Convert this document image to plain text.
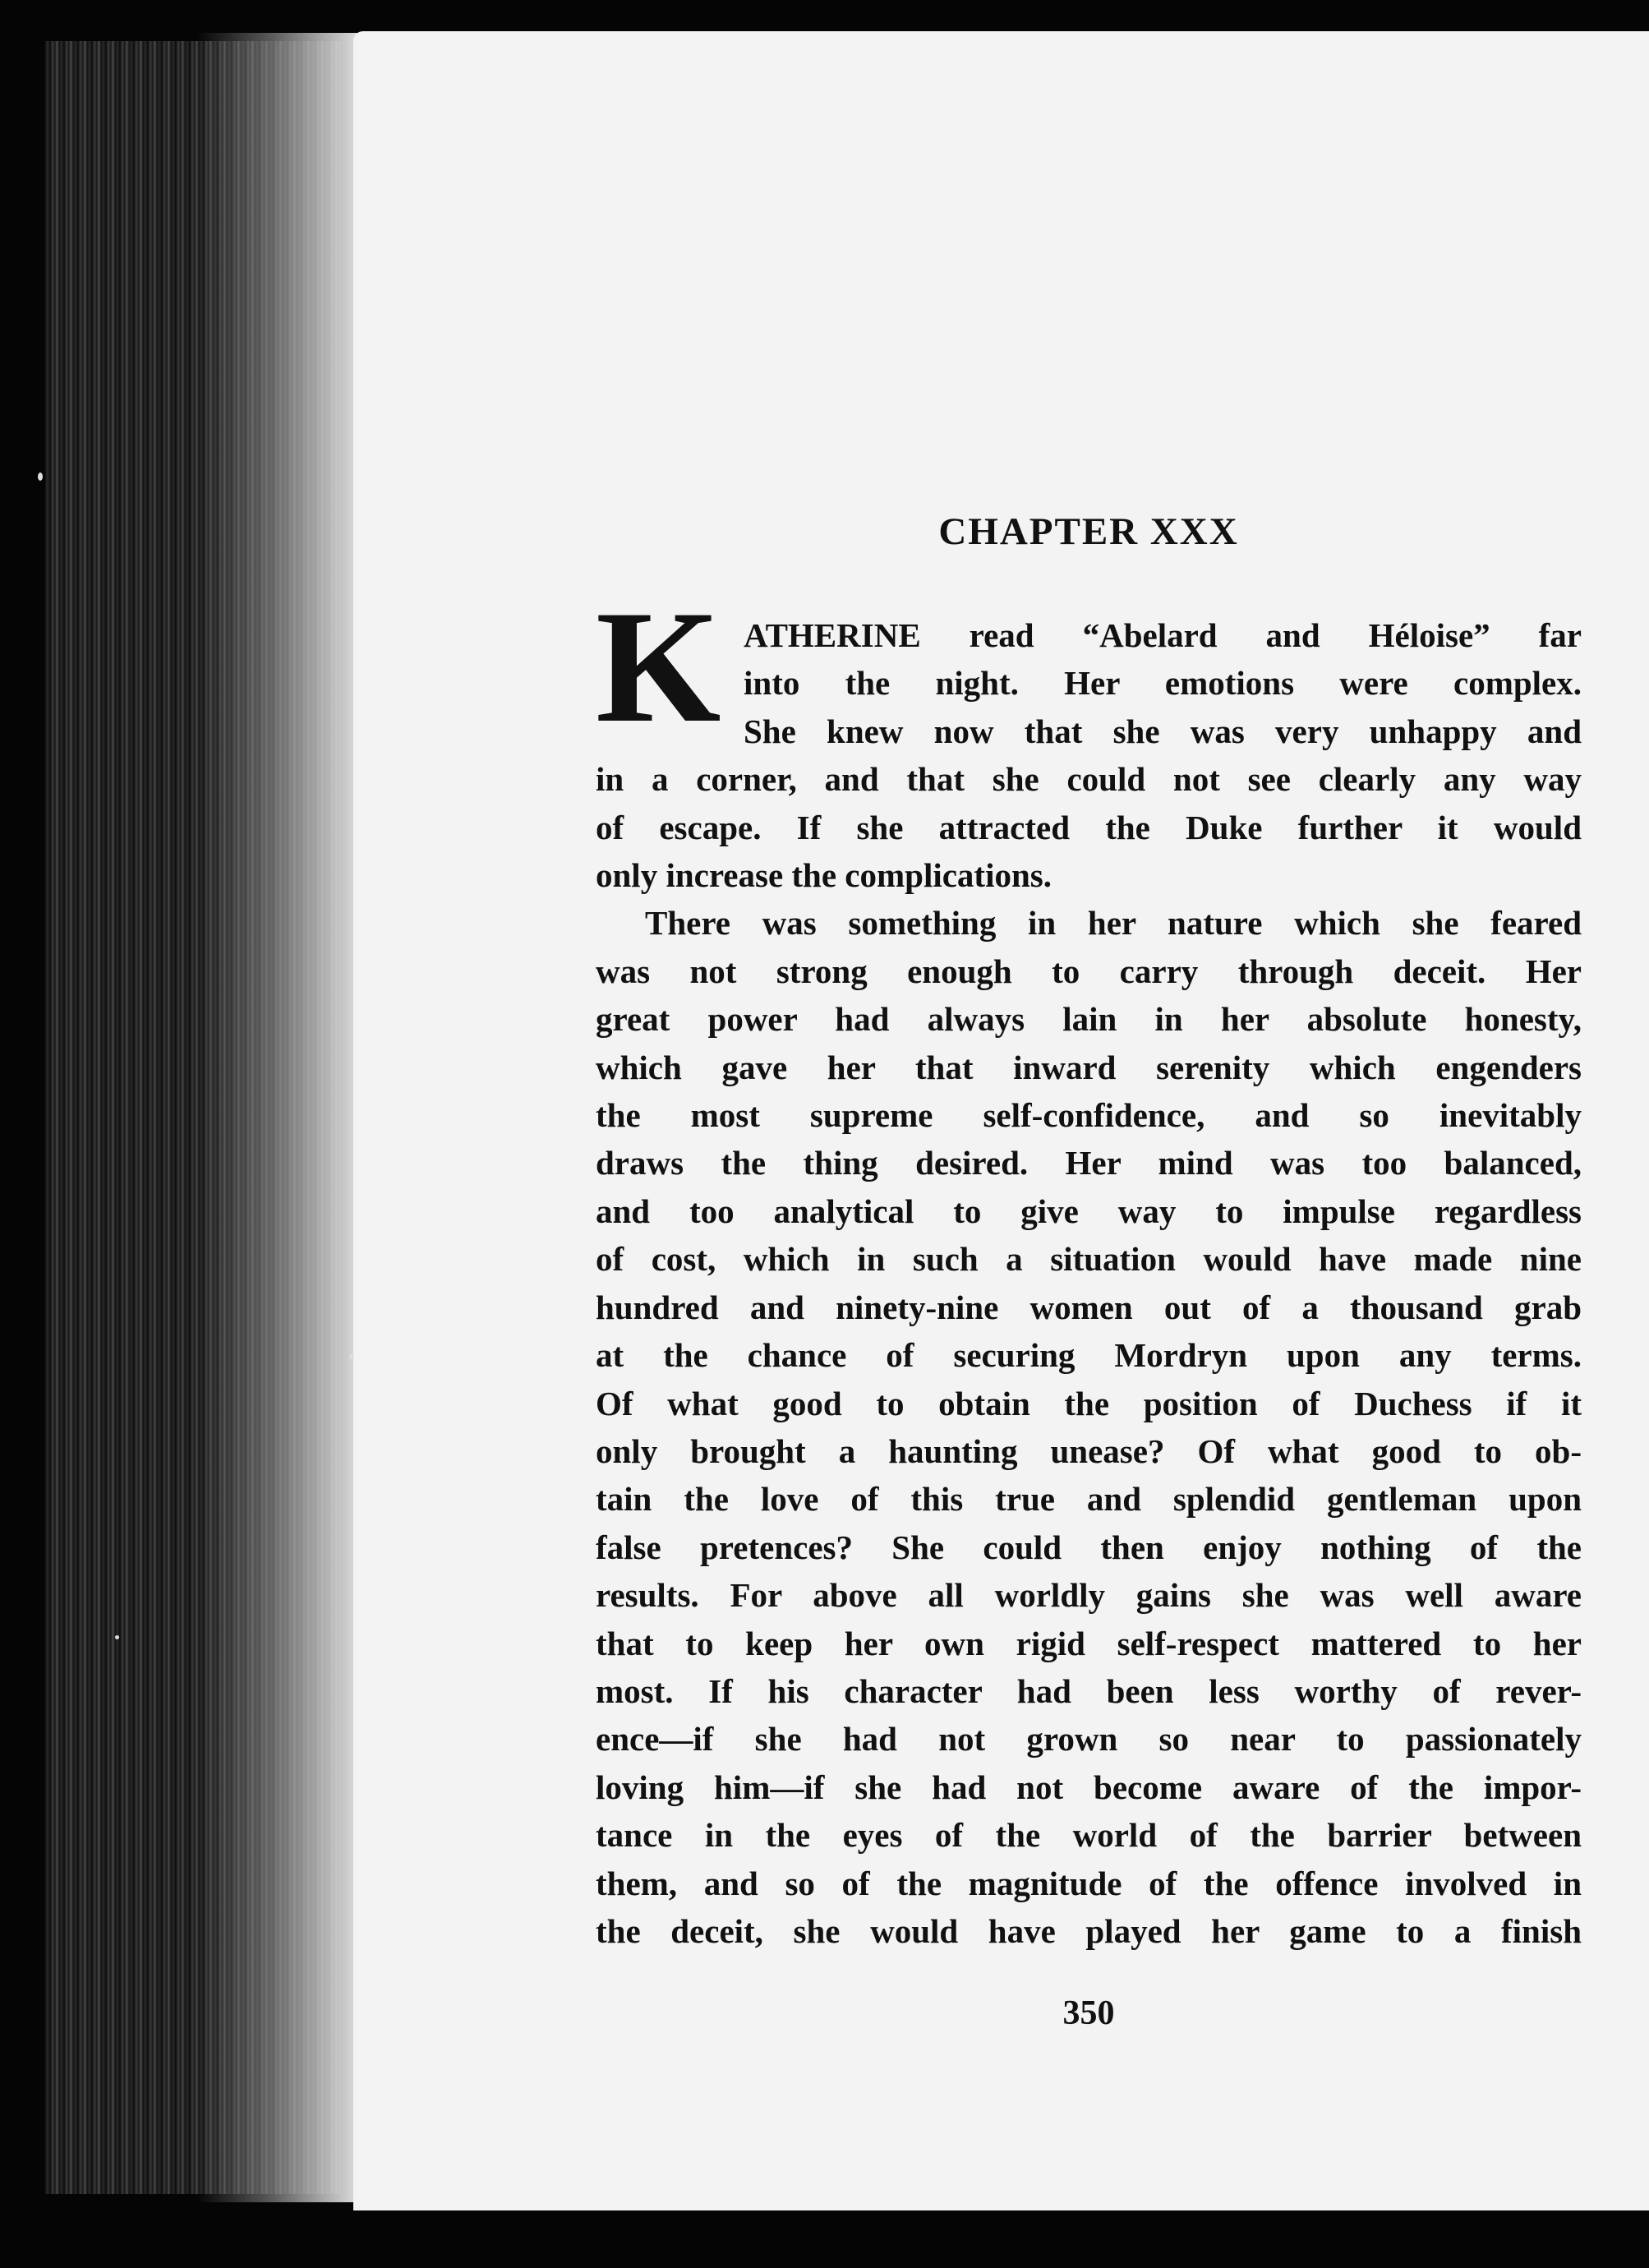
CHAPTER XXX
K ATHERINE read “Abelard and Héloise” far
into the night. Her emotions were complex.
She knew now that she was very unhappy and
in a corner, and that she could not see clearly any way
of escape. If she attracted the Duke further it would
only increase the complications.
There was something in her nature which she feared
was not strong enough to carry through deceit. Her
great power had always lain in her absolute honesty,
which gave her that inward serenity which engenders
the most supreme self-confidence, and so inevitably
draws the thing desired. Her mind was too balanced,
and too analytical to give way to impulse regardless
of cost, which in such a situation would have made nine
hundred and ninety-nine women out of a thousand grab
at the chance of securing Mordryn upon any terms.
Of what good to obtain the position of Duchess if it
only brought a haunting unease? Of what good to ob-
tain the love of this true and splendid gentleman upon
false pretences? She could then enjoy nothing of the
results. For above all worldly gains she was well aware
that to keep her own rigid self-respect mattered to her
most. If his character had been less worthy of rever-
ence—if she had not grown so near to passionately
loving him—if she had not become aware of the impor-
tance in the eyes of the world of the barrier between
them, and so of the magnitude of the offence involved in
the deceit, she would have played her game to a finish
350
